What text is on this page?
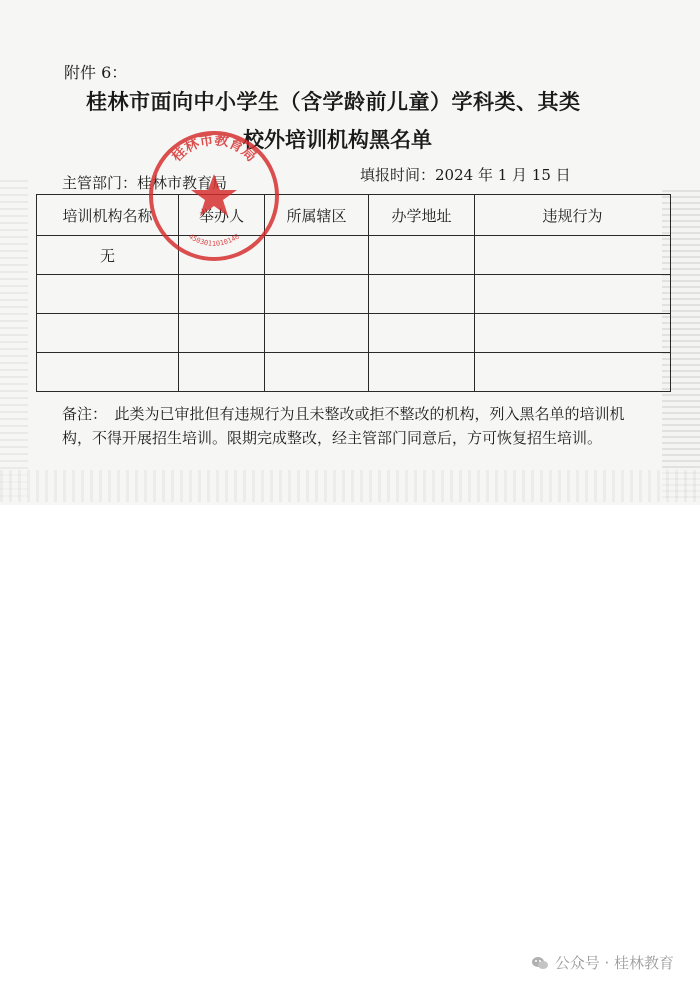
附件 6：
桂林市面向中小学生（含学龄前儿童）学科类、其类
校外培训机构黑名单
主管部门：桂林市教育局	填报时间：2024 年 1 月 15 日
培训机构名称	举办人	所属辖区	办学地址	违规行为
无				

备注：　此类为已审批但有违规行为且未整改或拒不整改的机构，列入黑名单的培训机构，不得开展招生培训。限期完成整改，经主管部门同意后，方可恢复招生培训。
桂林市教育局
4503011010140
公众号 · 桂林教育
